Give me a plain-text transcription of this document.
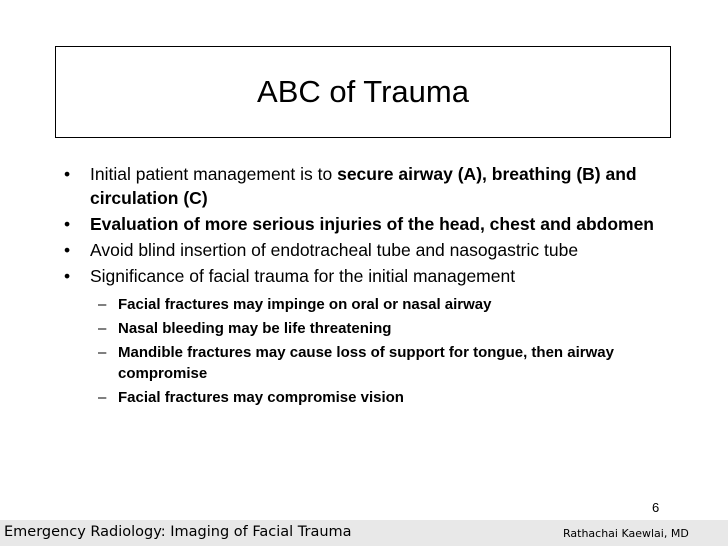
ABC of Trauma
• Initial patient management is to secure airway (A), breathing (B) and circulation (C)
• Evaluation of more serious injuries of the head, chest and abdomen
• Avoid blind insertion of endotracheal tube and nasogastric tube
• Significance of facial trauma for the initial management
– Facial fractures may impinge on oral or nasal airway
– Nasal bleeding may be life threatening
– Mandible fractures may cause loss of support for tongue, then airway compromise
– Facial fractures may compromise vision
6
Emergency Radiology: Imaging of Facial Trauma	Rathachai Kaewlai, MD
